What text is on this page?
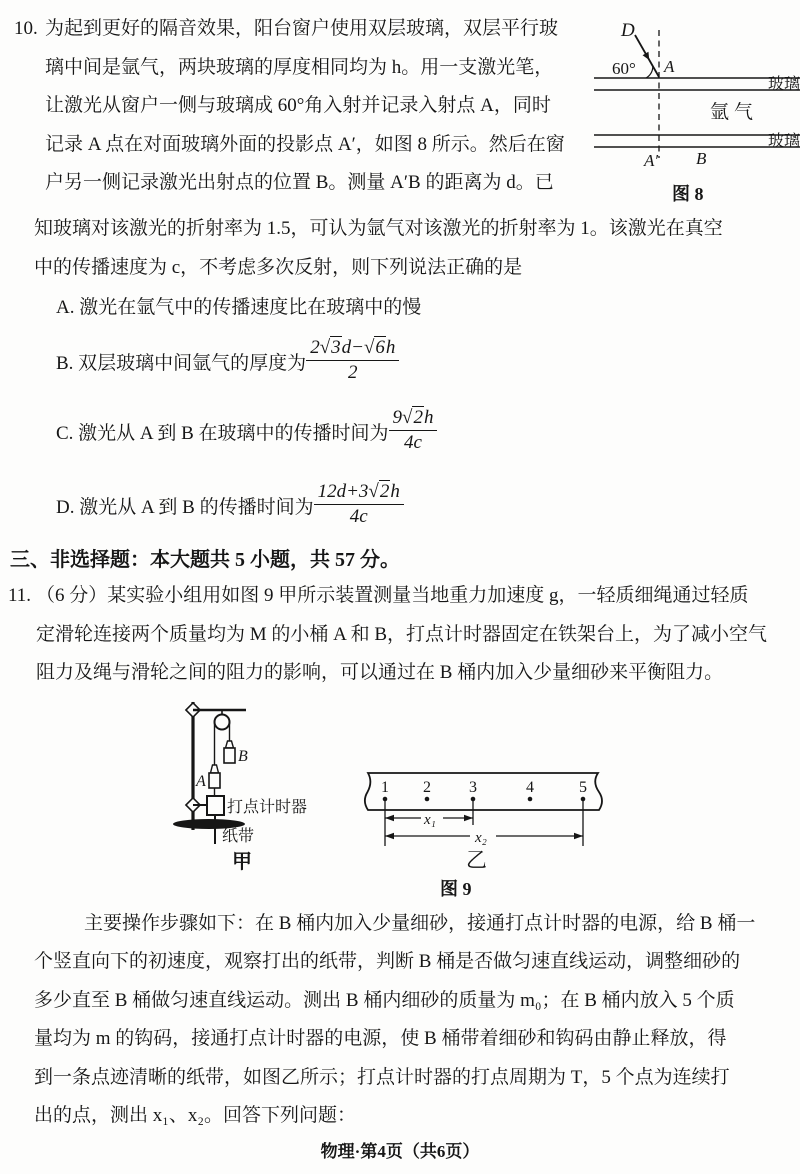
10. 为起到更好的隔音效果，阳台窗户使用双层玻璃，双层平行玻
璃中间是氩气，两块玻璃的厚度相同均为 h。用一支激光笔，
让激光从窗户一侧与玻璃成 60°角入射并记录入射点 A，同时
记录 A 点在对面玻璃外面的投影点 A′，如图 8 所示。然后在窗
户另一侧记录激光出射点的位置 B。测量 A′B 的距离为 d。已
D
60° A
玻璃
氩气
玻璃
A′ B
图 8
知玻璃对该激光的折射率为 1.5，可认为氩气对该激光的折射率为 1。该激光在真空
中的传播速度为 c，不考虑多次反射，则下列说法正确的是
A. 激光在氩气中的传播速度比在玻璃中的慢
B. 双层玻璃中间氩气的厚度为 $\frac{2√3d-√6h}{2}$
C. 激光从 A 到 B 在玻璃中的传播时间为 $\frac{9√2h}{4c}$
D. 激光从 A 到 B 的传播时间为 $\frac{12d+3√2h}{4c}$
三、非选择题：本大题共 5 小题，共 57 分。
11. （6 分）某实验小组用如图 9 甲所示装置测量当地重力加速度 g，一轻质细绳通过轻质
定滑轮连接两个质量均为 M 的小桶 A 和 B，打点计时器固定在铁架台上，为了减小空气
阻力及绳与滑轮之间的阻力的影响，可以通过在 B 桶内加入少量细砂来平衡阻力。
A
B
打点计时器
纸带
甲
1 2 3	4	5
x₁
x₂
乙
图 9
主要操作步骤如下：在 B 桶内加入少量细砂，接通打点计时器的电源，给 B 桶一
个竖直向下的初速度，观察打出的纸带，判断 B 桶是否做匀速直线运动，调整细砂的
多少直至 B 桶做匀速直线运动。测出 B 桶内细砂的质量为 m₀；在 B 桶内放入 5 个质
量均为 m 的钩码，接通打点计时器的电源，使 B 桶带着细砂和钩码由静止释放，得
到一条点迹清晰的纸带，如图乙所示；打点计时器的打点周期为 T，5 个点为连续打
出的点，测出 x₁、x₂。回答下列问题：
物理·第4页（共6页）
